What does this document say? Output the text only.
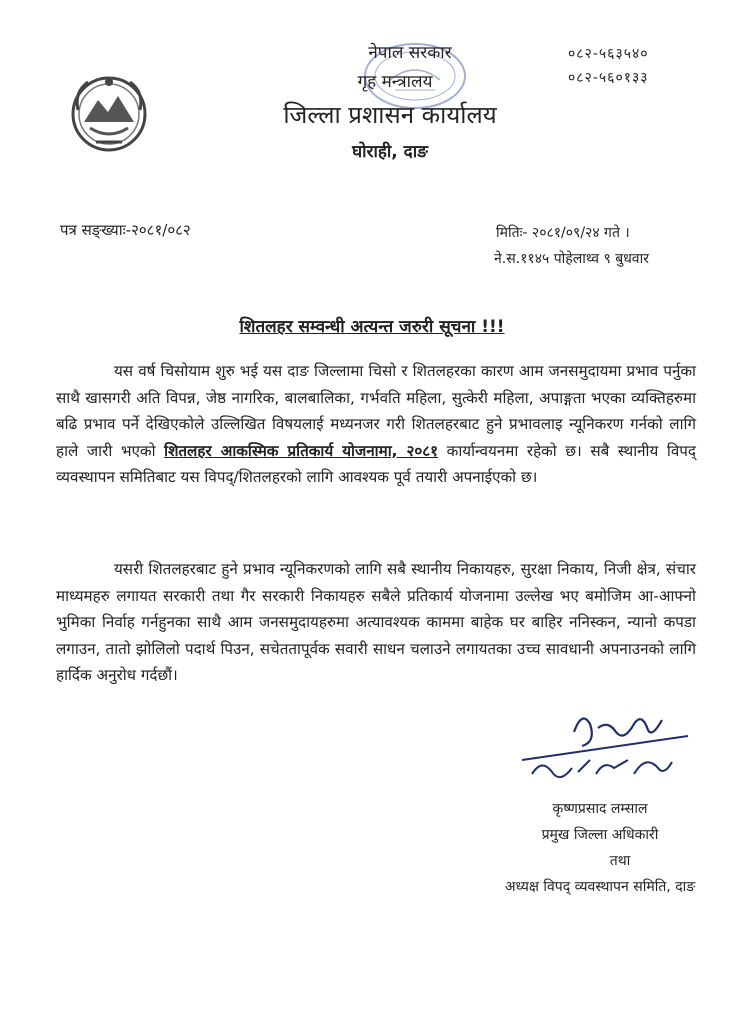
नेपाल सरकार
गृह मन्त्रालय
जिल्ला प्रशासन कार्यालय
घोराही, दाङ
०८२-५६३५४०
०८२-५६०१३३
पत्र सङ्ख्याः-२०८१/०८२	मितिः- २०८१/०९/२४ गते ।
ने.स.११४५ पोहेलाथ्व ९ बुधवार
शितलहर सम्वन्धी अत्यन्त जरुरी सूचना !!!
यस वर्ष चिसोयाम शुरु भई यस दाङ जिल्लामा चिसो र शितलहरका कारण आम जनसमुदायमा प्रभाव पर्नुका साथै खासगरी अति विपन्न, जेष्ठ नागरिक, बालबालिका, गर्भवति महिला, सुत्केरी महिला, अपाङ्गता भएका व्यक्तिहरुमा बढि प्रभाव पर्ने देखिएकोले उल्लिखित विषयलाई मध्यनजर गरी शितलहरबाट हुने प्रभावलाइ न्यूनिकरण गर्नको लागि हाले जारी भएको शितलहर आकस्मिक प्रतिकार्य योजनामा, २०८१ कार्यान्वयनमा रहेको छ। सबै स्थानीय विपद् व्यवस्थापन समितिबाट यस विपद्/शितलहरको लागि आवश्यक पूर्व तयारी अपनाईएको छ।
यसरी शितलहरबाट हुने प्रभाव न्यूनिकरणको लागि सबै स्थानीय निकायहरु, सुरक्षा निकाय, निजी क्षेत्र, संचार माध्यमहरु लगायत सरकारी तथा गैर सरकारी निकायहरु सबैले प्रतिकार्य योजनामा उल्लेख भए बमोजिम आ-आफ्नो भुमिका निर्वाह गर्नहुनका साथै आम जनसमुदायहरुमा अत्यावश्यक काममा बाहेक घर बाहिर ननिस्कन, न्यानो कपडा लगाउन, तातो झोलिलो पदार्थ पिउन, सचेततापूर्वक सवारी साधन चलाउने लगायतका उच्च सावधानी अपनाउनको लागि हार्दिक अनुरोध गर्दछौं।
कृष्णप्रसाद लम्साल
प्रमुख जिल्ला अधिकारी
तथा
अध्यक्ष विपद् व्यवस्थापन समिति, दाङ
